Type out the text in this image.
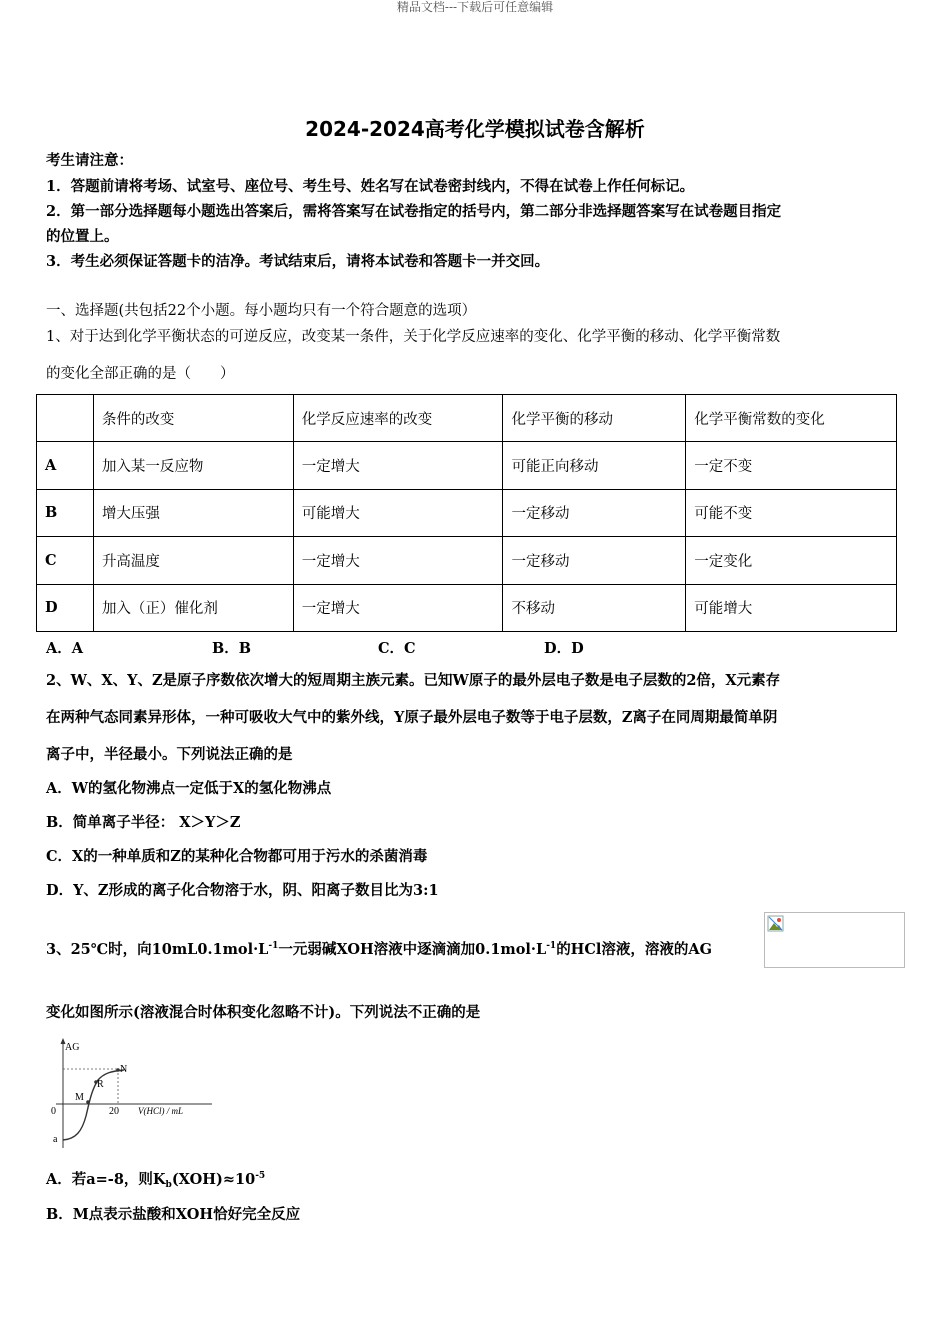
精品文档---下载后可任意编辑
2024-2024高考化学模拟试卷含解析
考生请注意：
1．答题前请将考场、试室号、座位号、考生号、姓名写在试卷密封线内，不得在试卷上作任何标记。
2．第一部分选择题每小题选出答案后，需将答案写在试卷指定的括号内，第二部分非选择题答案写在试卷题目指定
的位置上。
3．考生必须保证答题卡的洁净。考试结束后，请将本试卷和答题卡一并交回。
一、选择题(共包括22个小题。每小题均只有一个符合题意的选项）
1、对于达到化学平衡状态的可逆反应，改变某一条件，关于化学反应速率的变化、化学平衡的移动、化学平衡常数
的变化全部正确的是（　　）
	条件的改变	化学反应速率的改变	化学平衡的移动	化学平衡常数的变化
A	加入某一反应物	一定增大	可能正向移动	一定不变
B	增大压强	可能增大	一定移动	可能不变
C	升高温度	一定增大	一定移动	一定变化
D	加入（正）催化剂	一定增大	不移动	可能增大
A．A	B．B	C．C	D．D
2、W、X、Y、Z是原子序数依次增大的短周期主族元素。已知W原子的最外层电子数是电子层数的2倍，X元素存
在两种气态同素异形体，一种可吸收大气中的紫外线，Y原子最外层电子数等于电子层数，Z离子在同周期最简单阴
离子中，半径最小。下列说法正确的是
A．W的氢化物沸点一定低于X的氢化物沸点
B．简单离子半径： X＞Y＞Z
C．X的一种单质和Z的某种化合物都可用于污水的杀菌消毒
D．Y、Z形成的离子化合物溶于水，阴、阳离子数目比为3:1
3、25℃时，向$10mL0.1mol\cdot L^{-1}$一元弱碱XOH溶液中逐滴滴加$0.1mol\cdot L^{-1}$的HCl溶液，溶液的AG
变化如图所示(溶液混合时体积变化忽略不计)。下列说法不正确的是
AG
0	20 V(HCl) / mL
a
M
R
N
A．若a=-8，则$K_b(XOH)\approx 10^{-5}$
B．M点表示盐酸和XOH恰好完全反应
